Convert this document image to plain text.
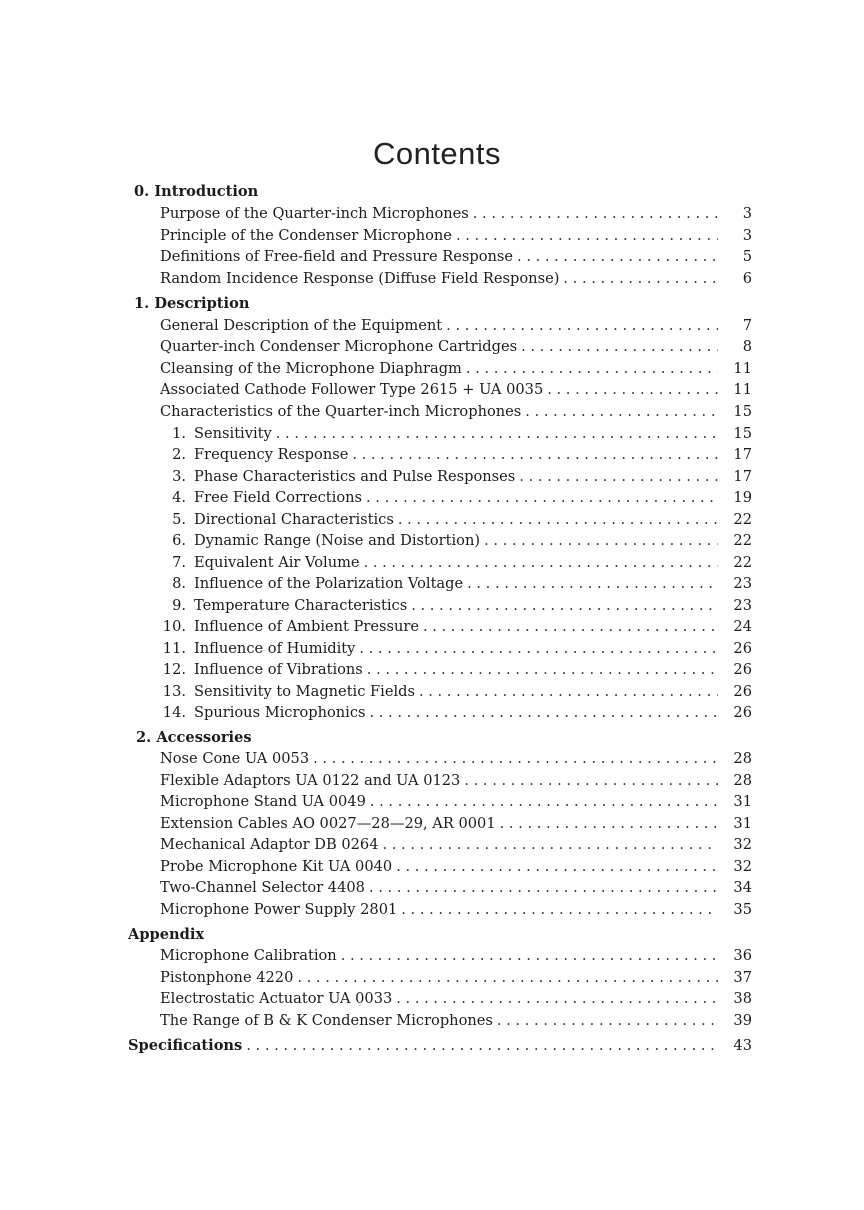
Contents
0. Introduction
Purpose of the Quarter-inch Microphones . . .	3
Principle of the Condenser Microphone . . .	3
Definitions of Free-field and Pressure Response . . .	5
Random Incidence Response (Diffuse Field Response) . . .	6
1. Description
General Description of the Equipment . . .	7
Quarter-inch Condenser Microphone Cartridges . . .	8
Cleansing of the Microphone Diaphragm . . .	11
Associated Cathode Follower Type 2615 + UA 0035 . . .	11
Characteristics of the Quarter-inch Microphones . . .	15
1. Sensitivity . . .	15
2. Frequency Response . . .	17
3. Phase Characteristics and Pulse Responses . . .	17
4. Free Field Corrections . . .	19
5. Directional Characteristics . . .	22
6. Dynamic Range (Noise and Distortion) . . .	22
7. Equivalent Air Volume . . .	22
8. Influence of the Polarization Voltage . . .	23
9. Temperature Characteristics . . .	23
10. Influence of Ambient Pressure . . .	24
11. Influence of Humidity . . .	26
12. Influence of Vibrations . . .	26
13. Sensitivity to Magnetic Fields . . .	26
14. Spurious Microphonics . . .	26
2. Accessories
Nose Cone UA 0053 . . .	28
Flexible Adaptors UA 0122 and UA 0123 . . .	28
Microphone Stand UA 0049 . . .	31
Extension Cables AO 0027—28—29, AR 0001 . . .	31
Mechanical Adaptor DB 0264 . . .	32
Probe Microphone Kit UA 0040 . . .	32
Two-Channel Selector 4408 . . .	34
Microphone Power Supply 2801 . . .	35
Appendix
Microphone Calibration . . .	36
Pistonphone 4220 . . .	37
Electrostatic Actuator UA 0033 . . .	38
The Range of B & K Condenser Microphones . . .	39
Specifications . . .	43
